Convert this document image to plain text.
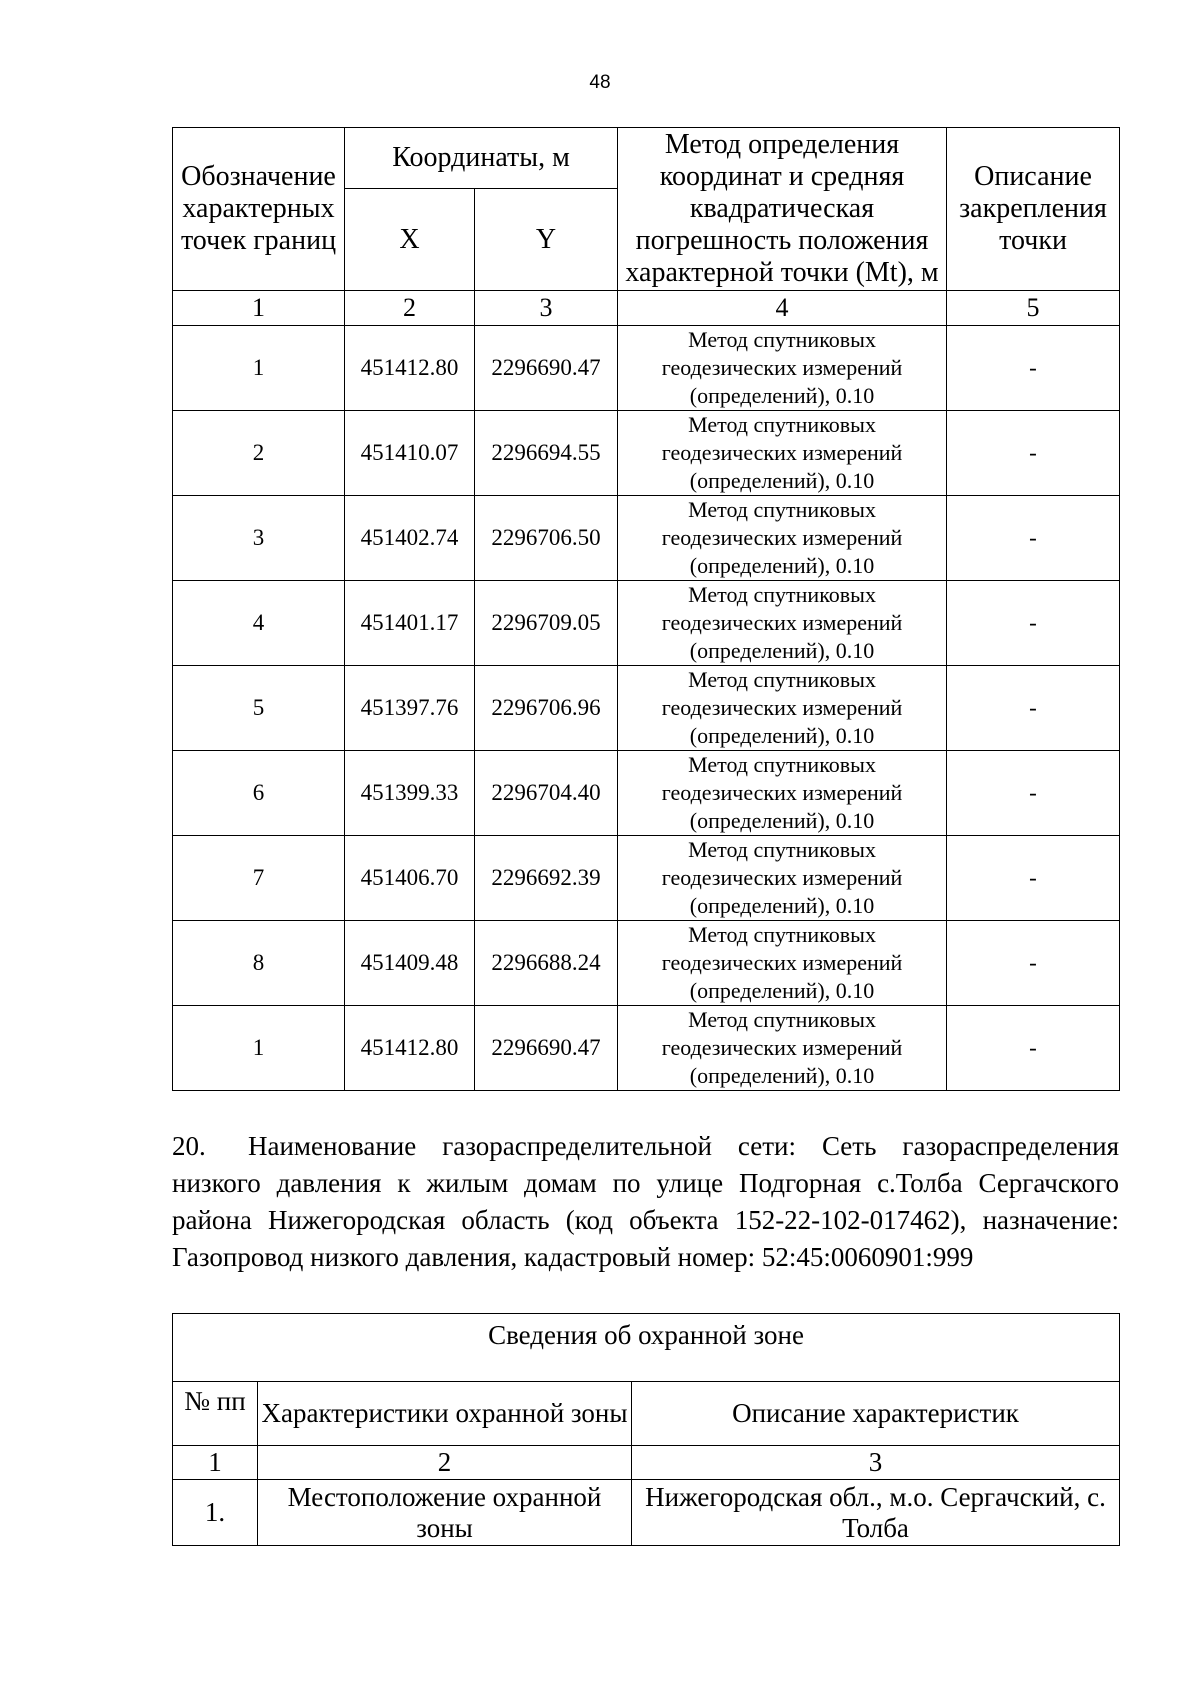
48
Обозначение характерных точек границ	Координаты, м		Метод определения координат и средняя квадратическая погрешность положения характерной точки (Mt), м	Описание закрепления точки
	X	Y		
1	2	3	4	5
1	451412.80	2296690.47	Метод спутниковых геодезических измерений (определений), 0.10	-
2	451410.07	2296694.55	Метод спутниковых геодезических измерений (определений), 0.10	-
3	451402.74	2296706.50	Метод спутниковых геодезических измерений (определений), 0.10	-
4	451401.17	2296709.05	Метод спутниковых геодезических измерений (определений), 0.10	-
5	451397.76	2296706.96	Метод спутниковых геодезических измерений (определений), 0.10	-
6	451399.33	2296704.40	Метод спутниковых геодезических измерений (определений), 0.10	-
7	451406.70	2296692.39	Метод спутниковых геодезических измерений (определений), 0.10	-
8	451409.48	2296688.24	Метод спутниковых геодезических измерений (определений), 0.10	-
1	451412.80	2296690.47	Метод спутниковых геодезических измерений (определений), 0.10	-
20. Наименование газораспределительной сети: Сеть газораспределения низкого давления к жилым домам по улице Подгорная с.Толба Сергачского района Нижегородская область (код объекта 152-22-102-017462), назначение: Газопровод низкого давления, кадастровый номер: 52:45:0060901:999
Сведения об охранной зоне		
№ пп	Характеристики охранной зоны	Описание характеристик
1	2	3
1.	Местоположение охранной зоны	Нижегородская обл., м.о. Сергачский, с. Толба
